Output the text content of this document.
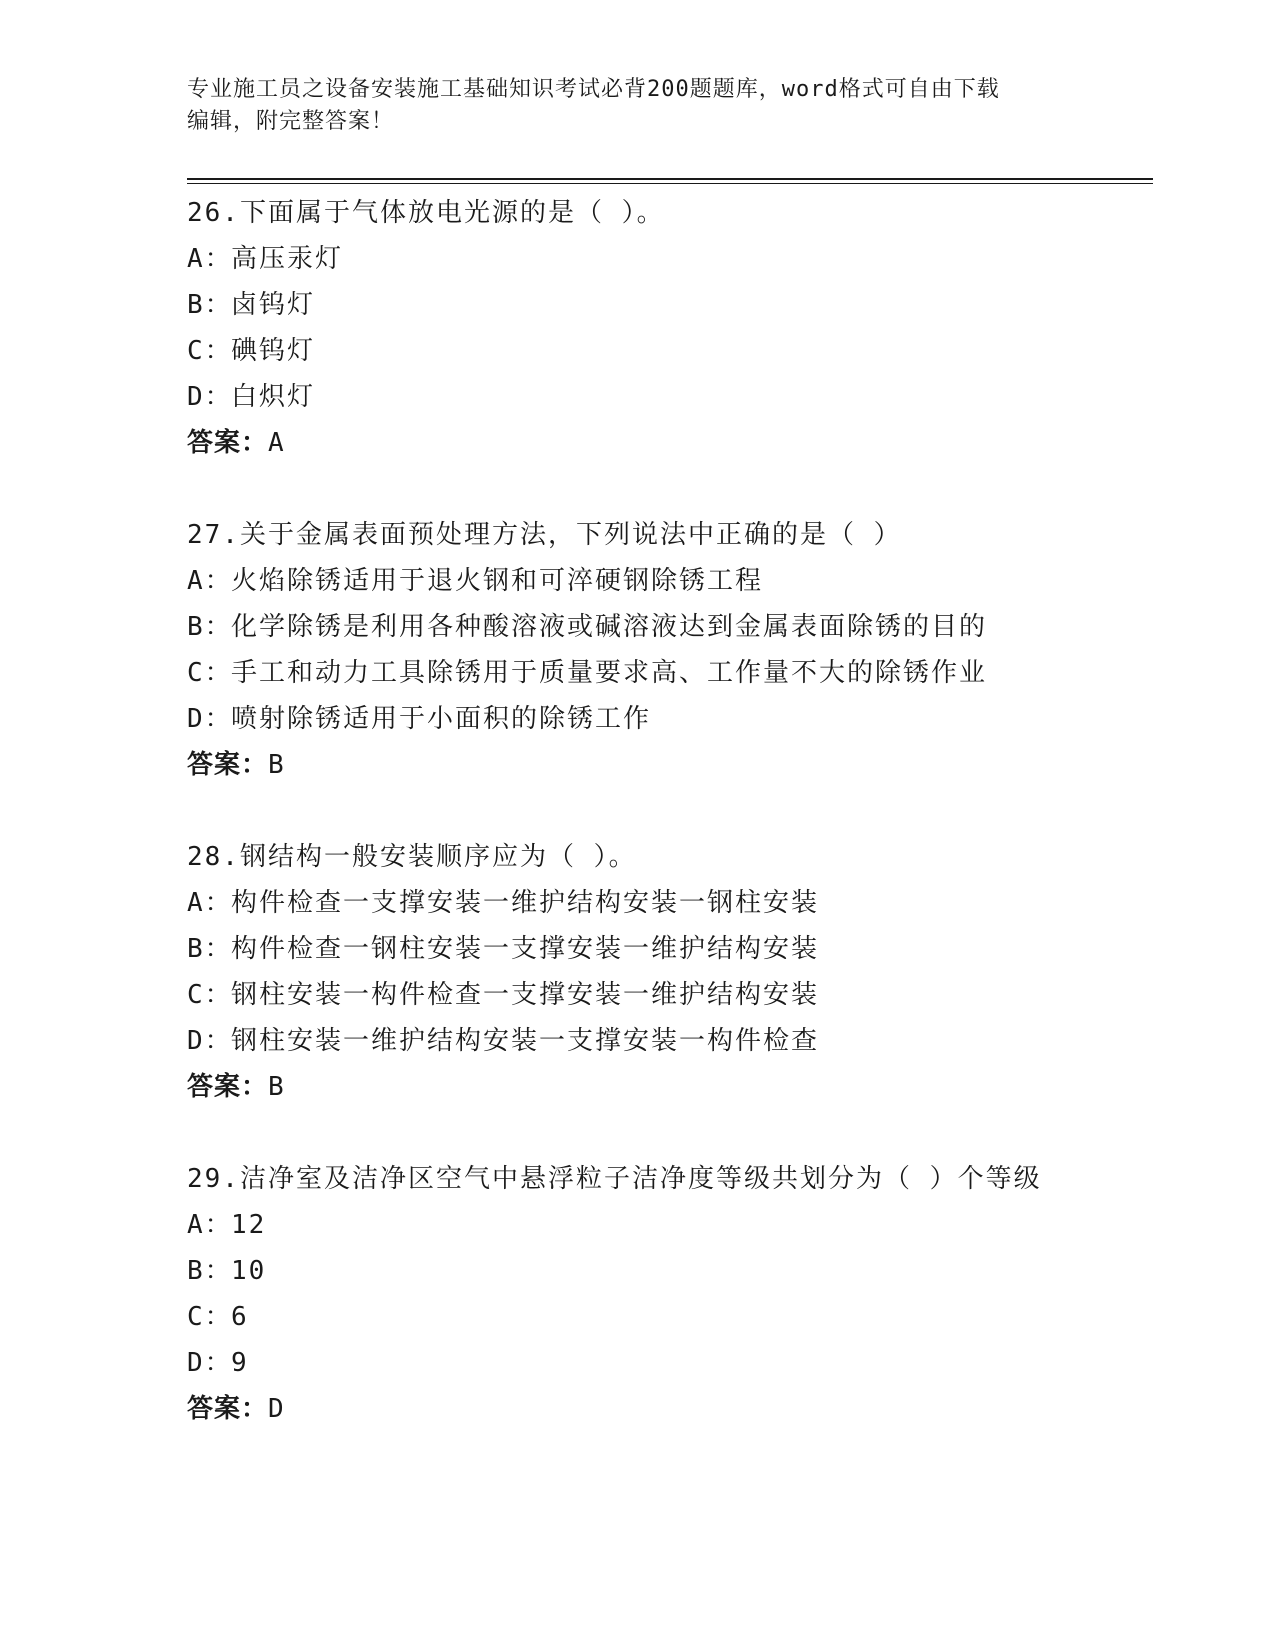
专业施工员之设备安装施工基础知识考试必背200题题库，word格式可自由下载
编辑，附完整答案！
26.下面属于气体放电光源的是（ ）。
A：高压汞灯
B：卤钨灯
C：碘钨灯
D：白炽灯
答案：A
27.关于金属表面预处理方法，下列说法中正确的是（ ）
A：火焰除锈适用于退火钢和可淬硬钢除锈工程
B：化学除锈是利用各种酸溶液或碱溶液达到金属表面除锈的目的
C：手工和动力工具除锈用于质量要求高、工作量不大的除锈作业
D：喷射除锈适用于小面积的除锈工作
答案：B
28.钢结构一般安装顺序应为（ ）。
A：构件检查一支撑安装一维护结构安装一钢柱安装
B：构件检查一钢柱安装一支撑安装一维护结构安装
C：钢柱安装一构件检查一支撑安装一维护结构安装
D：钢柱安装一维护结构安装一支撑安装一构件检查
答案：B
29.洁净室及洁净区空气中悬浮粒子洁净度等级共划分为（ ）个等级
A：12
B：10
C：6
D：9
答案：D
